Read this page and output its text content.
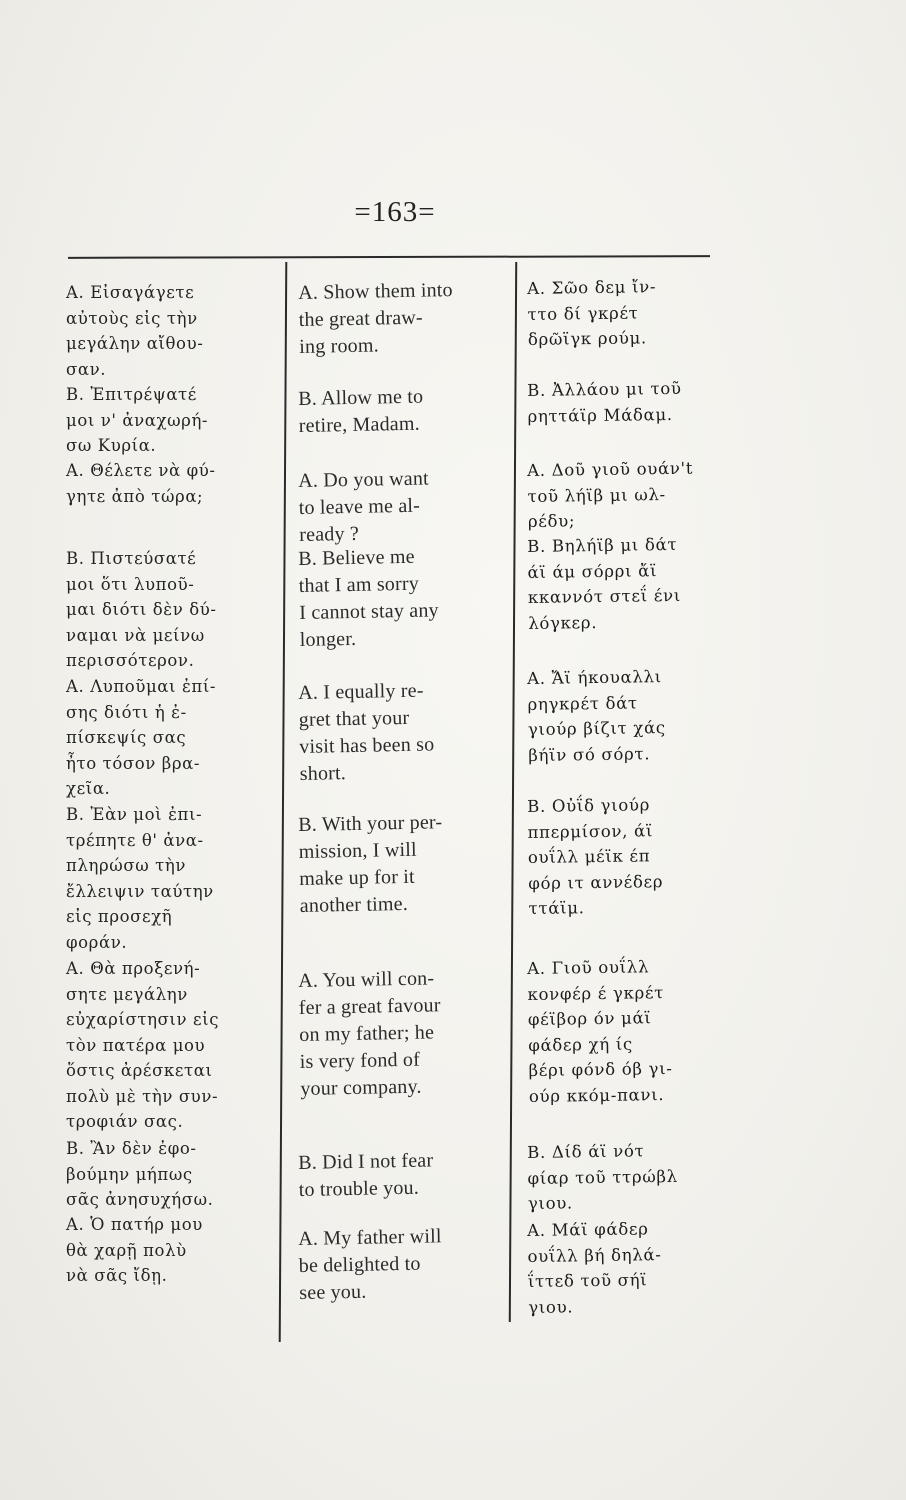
=163=
Α. Εἰσαγάγετε
αὐτοὺς εἰς τὴν
μεγάλην αἴθου-
σαν.
Β. Ἐπιτρέψατέ
μοι ν' ἀναχωρή-
σω Κυρία.
Α. Θέλετε νὰ φύ-
γητε ἀπὸ τώρα;
Β. Πιστεύσατέ
μοι ὅτι λυποῦ-
μαι διότι δὲν δύ-
ναμαι νὰ μείνω
περισσότερον.
Α. Λυποῦμαι ἐπί-
σης διότι ἡ ἐ-
πίσκεψίς σας
ἦτο τόσον βρα-
χεῖα.
Β. Ἐὰν μοὶ ἐπι-
τρέπητε θ' ἀνα-
πληρώσω τὴν
ἔλλειψιν ταύτην
εἰς προσεχῆ
φοράν.
Α. Θὰ προξενή-
σητε μεγάλην
εὐχαρίστησιν εἰς
τὸν πατέρα μου
ὅστις ἀρέσκεται
πολὺ μὲ τὴν συν-
τροφιάν σας.
Β. Ἂν δὲν ἐφο-
βούμην μήπως
σᾶς ἀνησυχήσω.
Α. Ὁ πατήρ μου
θὰ χαρῇ πολὺ
νὰ σᾶς ἴδῃ.
A. Show them into
the great draw-
ing room.
B. Allow me to
retire, Madam.
A. Do you want
to leave me al-
ready ?
B. Believe me
that I am sorry
I cannot stay any
longer.
A. I equally re-
gret that your
visit has been so
short.
B. With your per-
mission, I will
make up for it
another time.
A. You will con-
fer a great favour
on my father; he
is very fond of
your company.
B. Did I not fear
to trouble you.
A. My father will
be delighted to
see you.
Α. Σῶο δεμ ἴν-
ττο δί γκρέτ
δρῶϊγκ ρούμ.
Β. Ἀλλάου μι τοῦ
ρηττάϊρ Μάδαμ.
Α. Δοῦ γιοῦ ουάν't
τοῦ λήϊβ μι ωλ-
ρέδυ;
Β. Βηλήϊβ μι δάτ
άϊ άμ σόρρι ἄϊ
κκαννότ στεΐ ένι
λόγκερ.
Α. Ἄϊ ήκουαλλι
ρηγκρέτ δάτ
γιούρ βίζιτ χάς
βήϊν σό σόρτ.
Β. Οὐΐδ γιούρ
ππερμίσον, άϊ
ουΐλλ μέϊκ έπ
φόρ ιτ αννέδερ
ττάϊμ.
Α. Γιοῦ ουΐλλ
κονφέρ έ γκρέτ
φέϊβορ όν μάϊ
φάδερ χή ίς
βέρι φόνδ όβ γι-
ούρ κκόμ-πανι.
Β. Δίδ άϊ νότ
φίαρ τοῦ ττρώβλ
γιου.
Α. Μάϊ φάδερ
ουΐλλ βή δηλά-
ΐττεδ τοῦ σήϊ
γιου.
